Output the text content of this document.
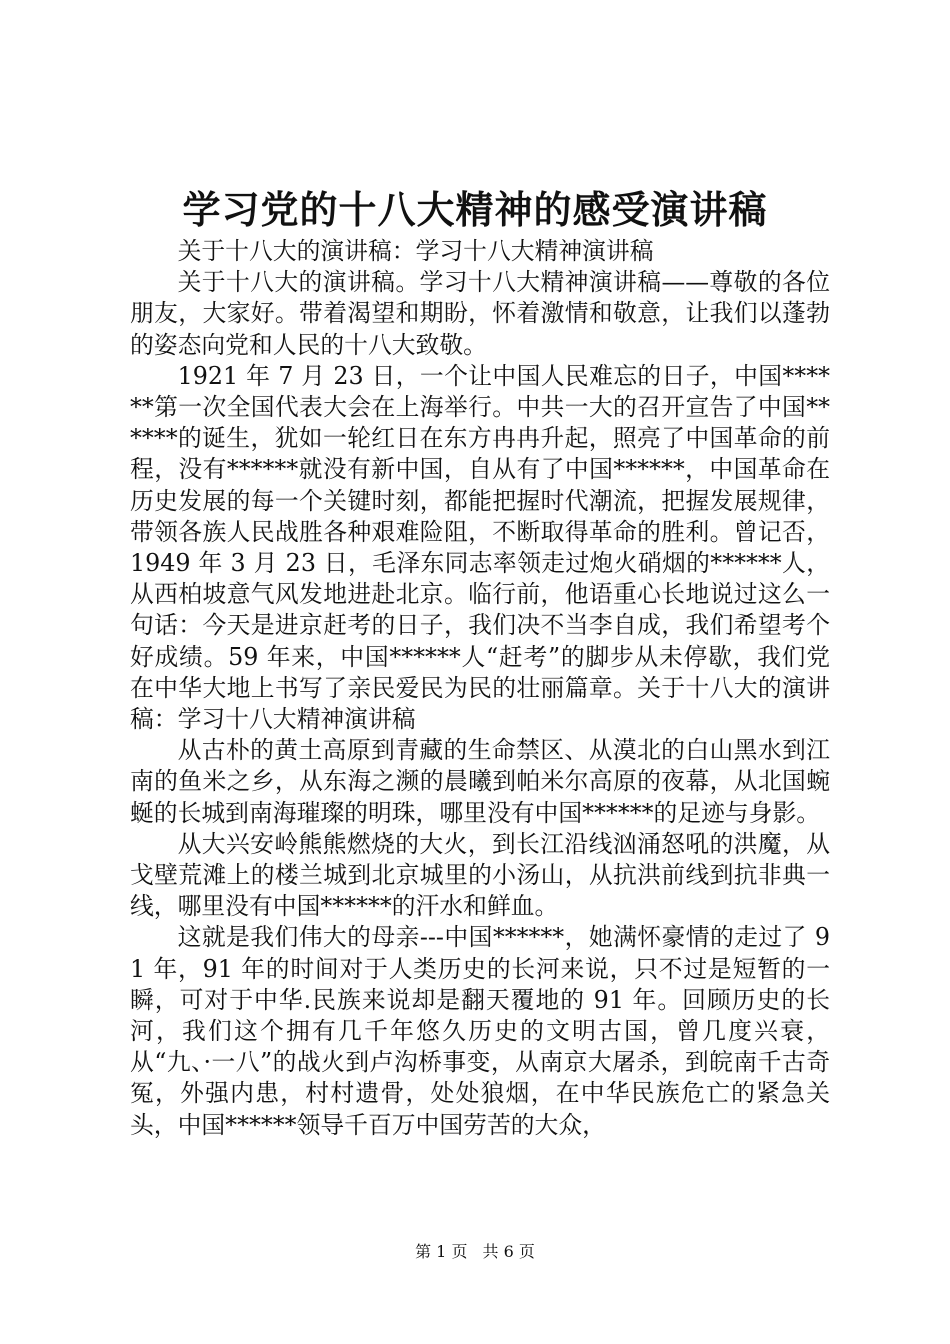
学习党的十八大精神的感受演讲稿

关于十八大的演讲稿：学习十八大精神演讲稿

关于十八大的演讲稿。学习十八大精神演讲稿——尊敬的各位朋友，大家好。带着渴望和期盼，怀着激情和敬意，让我们以蓬勃的姿态向党和人民的十八大致敬。

1921 年 7 月 23 日，一个让中国人民难忘的日子，中国******第一次全国代表大会在上海举行。中共一大的召开宣告了中国******的诞生，犹如一轮红日在东方冉冉升起，照亮了中国革命的前程，没有******就没有新中国，自从有了中国******，中国革命在历史发展的每一个关键时刻，都能把握时代潮流，把握发展规律，带领各族人民战胜各种艰难险阻，不断取得革命的胜利。曾记否，1949 年 3 月 23 日，毛泽东同志率领走过炮火硝烟的******人，从西柏坡意气风发地进赴北京。临行前，他语重心长地说过这么一句话：今天是进京赶考的日子，我们决不当李自成，我们希望考个好成绩。59 年来，中国******人“赶考”的脚步从未停歇，我们党在中华大地上书写了亲民爱民为民的壮丽篇章。关于十八大的演讲稿：学习十八大精神演讲稿

从古朴的黄土高原到青藏的生命禁区、从漠北的白山黑水到江南的鱼米之乡，从东海之濒的晨曦到帕米尔高原的夜幕，从北国蜿蜒的长城到南海璀璨的明珠，哪里没有中国******的足迹与身影。

从大兴安岭熊熊燃烧的大火，到长江沿线汹涌怒吼的洪魔，从戈壁荒滩上的楼兰城到北京城里的小汤山，从抗洪前线到抗非典一线，哪里没有中国******的汗水和鲜血。

这就是我们伟大的母亲---中国******，她满怀豪情的走过了 91 年，91 年的时间对于人类历史的长河来说，只不过是短暂的一瞬，可对于中华.民族来说却是翻天覆地的 91 年。回顾历史的长河，我们这个拥有几千年悠久历史的文明古国，曾几度兴衰，从“九、·一八”的战火到卢沟桥事变，从南京大屠杀，到皖南千古奇冤，外强内患，村村遗骨，处处狼烟，在中华民族危亡的紧急关头，中国******领导千百万中国劳苦的大众，

第 1 页 共 6 页
